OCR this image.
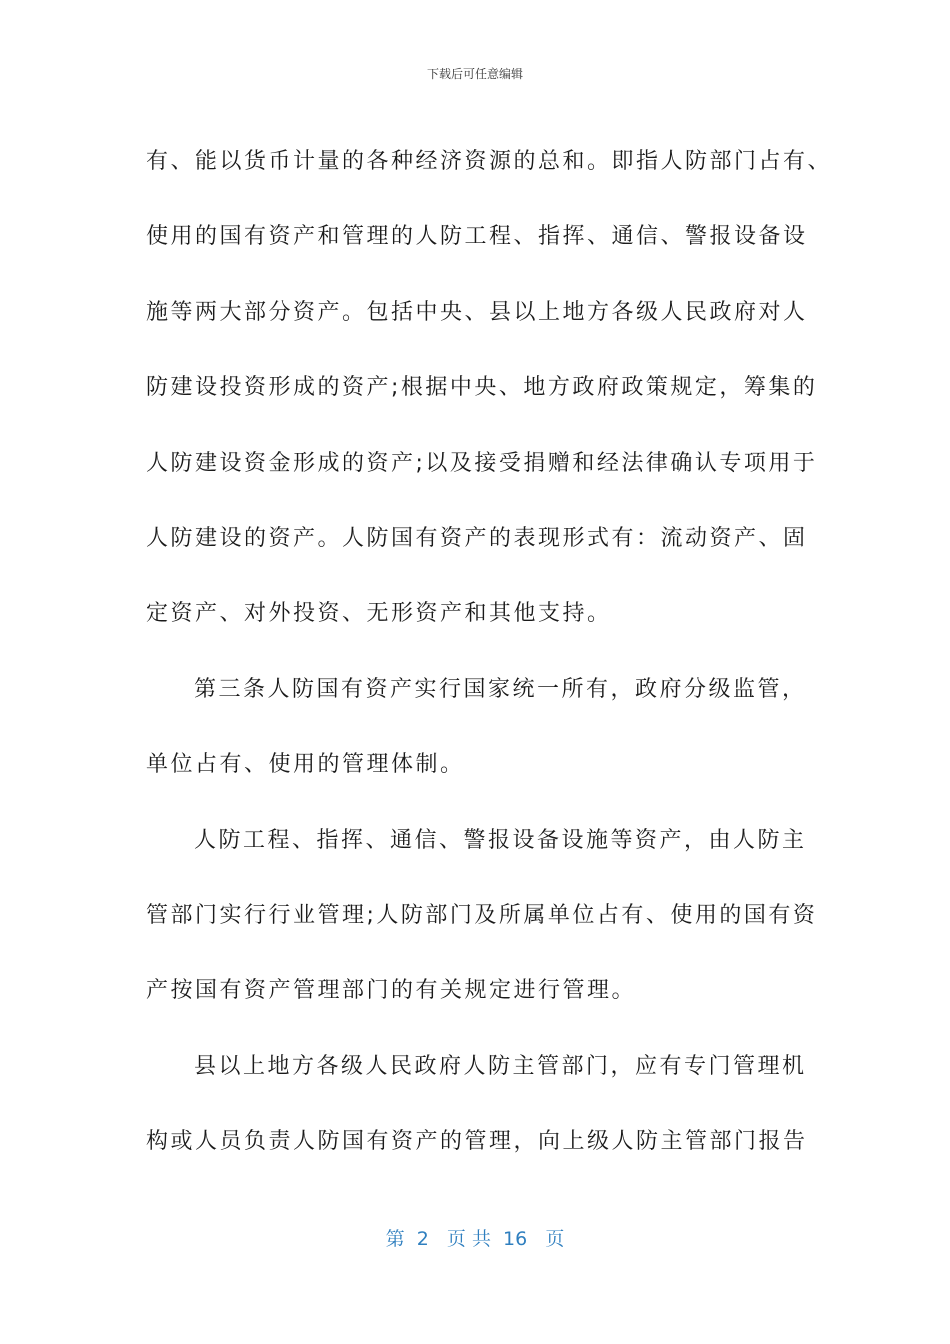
下载后可任意编辑
有、能以货币计量的各种经济资源的总和。即指人防部门占有、
使用的国有资产和管理的人防工程、指挥、通信、警报设备设
施等两大部分资产。包括中央、县以上地方各级人民政府对人
防建设投资形成的资产;根据中央、地方政府政策规定，筹集的
人防建设资金形成的资产;以及接受捐赠和经法律确认专项用于
人防建设的资产。人防国有资产的表现形式有：流动资产、固
定资产、对外投资、无形资产和其他支持。
第三条人防国有资产实行国家统一所有，政府分级监管，
单位占有、使用的管理体制。
人防工程、指挥、通信、警报设备设施等资产，由人防主
管部门实行行业管理;人防部门及所属单位占有、使用的国有资
产按国有资产管理部门的有关规定进行管理。
县以上地方各级人民政府人防主管部门，应有专门管理机
构或人员负责人防国有资产的管理，向上级人防主管部门报告
第  2   页 共  16   页
